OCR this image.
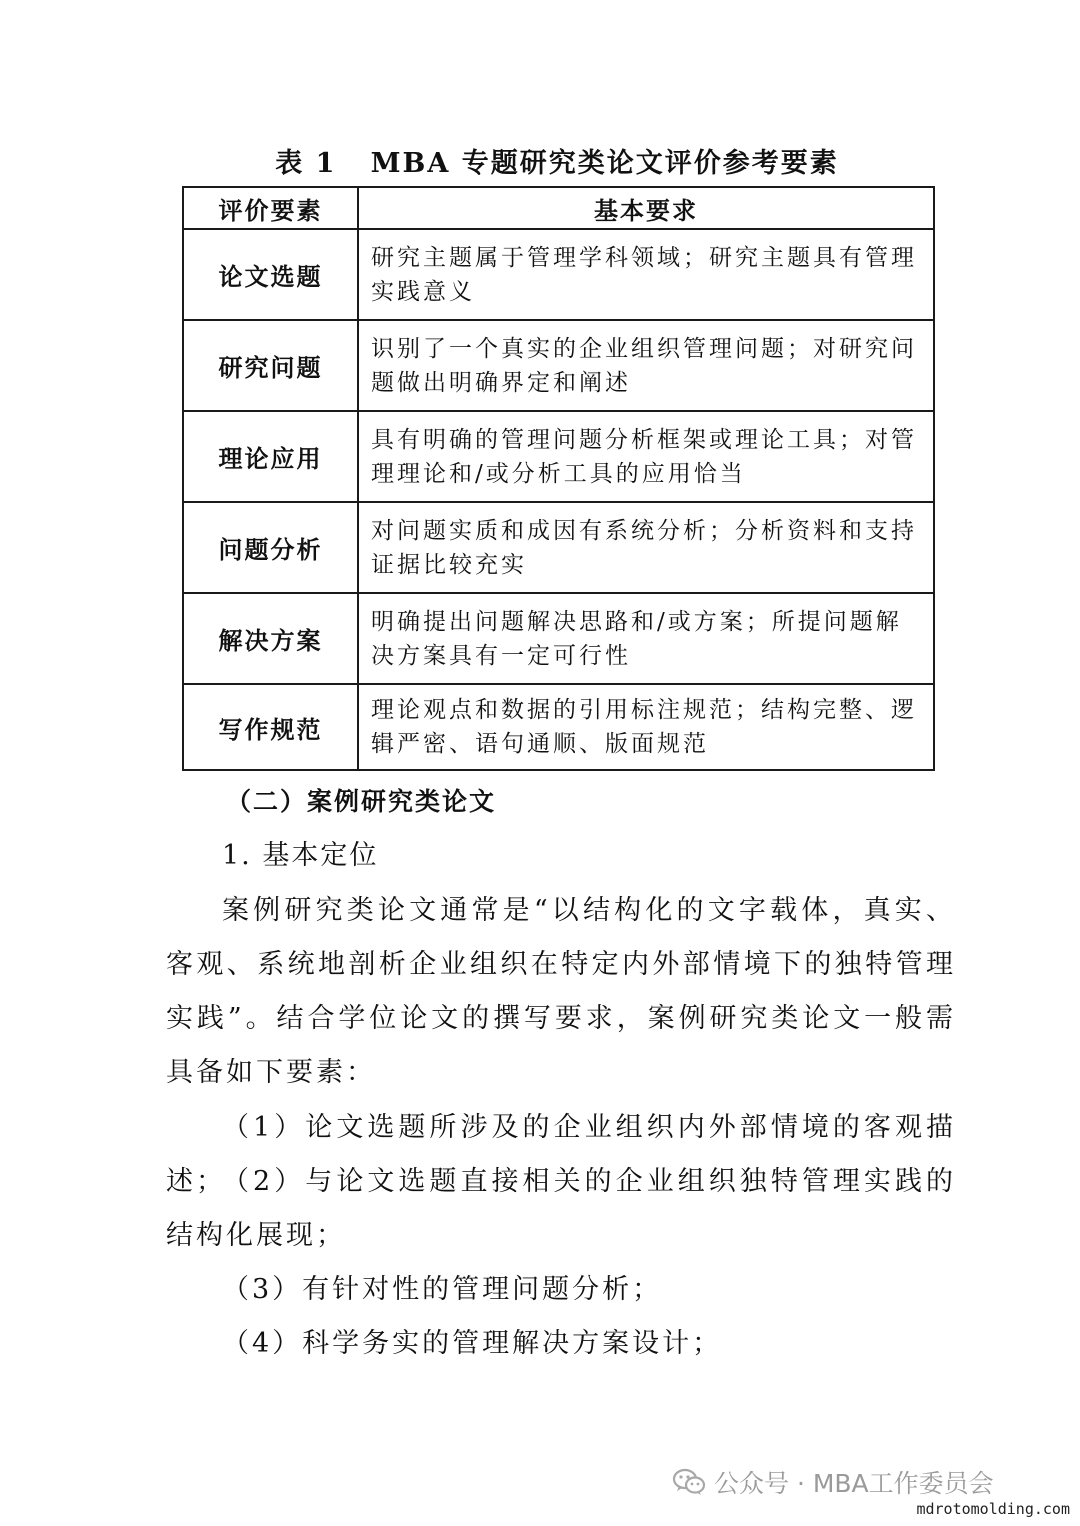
表 1   MBA 专题研究类论文评价参考要素
评价要素	基本要求
论文选题	研究主题属于管理学科领域；研究主题具有管理实践意义
研究问题	识别了一个真实的企业组织管理问题；对研究问题做出明确界定和阐述
理论应用	具有明确的管理问题分析框架或理论工具；对管理理论和/或分析工具的应用恰当
问题分析	对问题实质和成因有系统分析；分析资料和支持证据比较充实
解决方案	明确提出问题解决思路和/或方案；所提问题解决方案具有一定可行性
写作规范	理论观点和数据的引用标注规范；结构完整、逻辑严密、语句通顺、版面规范
（二）案例研究类论文
1. 基本定位

案例研究类论文通常是“以结构化的文字载体，真实、客观、系统地剖析企业组织在特定内外部情境下的独特管理实践”。结合学位论文的撰写要求，案例研究类论文一般需具备如下要素：

（1）论文选题所涉及的企业组织内外部情境的客观描述；

（2）与论文选题直接相关的企业组织独特管理实践的结构化展现；

（3）有针对性的管理问题分析；

（4）科学务实的管理解决方案设计；

公众号 · MBA工作委员会
mdrotomolding.com
